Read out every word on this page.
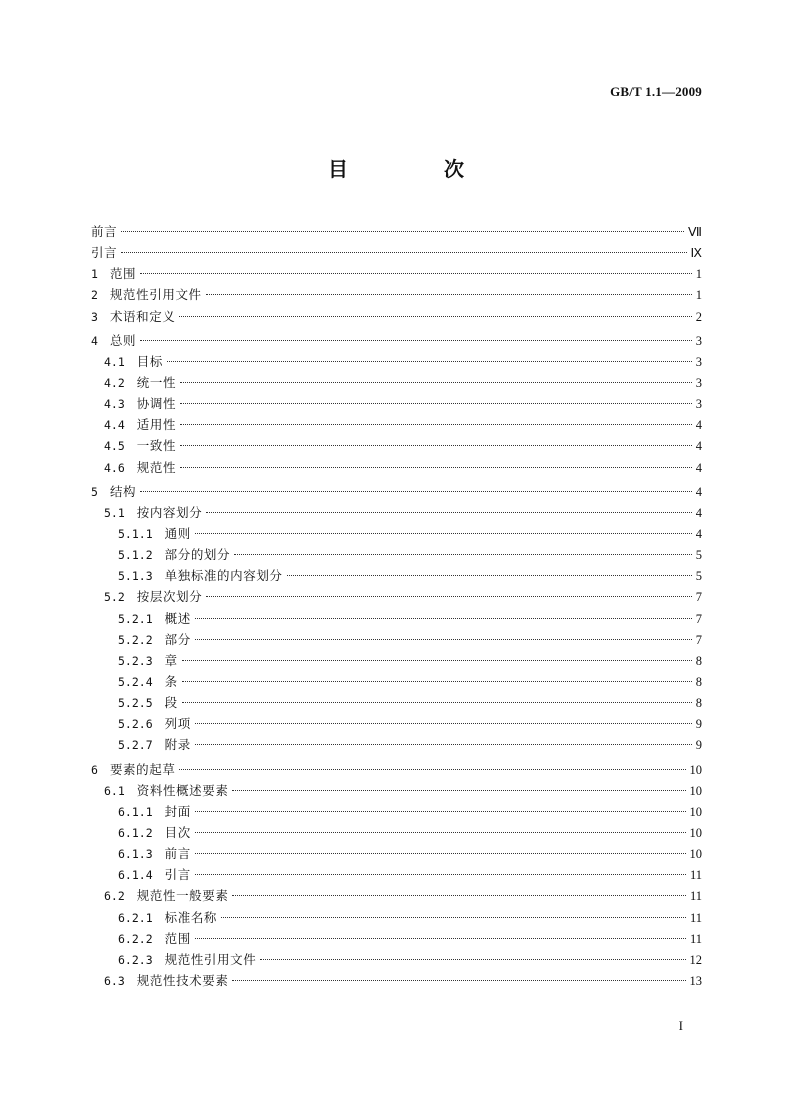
GB/T 1.1—2009
目　次
前言	Ⅶ
引言	Ⅸ
1 范围	1
2 规范性引用文件	1
3 术语和定义	2
4 总则	3
4.1 目标	3
4.2 统一性	3
4.3 协调性	3
4.4 适用性	4
4.5 一致性	4
4.6 规范性	4
5 结构	4
5.1 按内容划分	4
5.1.1 通则	4
5.1.2 部分的划分	5
5.1.3 单独标准的内容划分	5
5.2 按层次划分	7
5.2.1 概述	7
5.2.2 部分	7
5.2.3 章	8
5.2.4 条	8
5.2.5 段	8
5.2.6 列项	9
5.2.7 附录	9
6 要素的起草	10
6.1 资料性概述要素	10
6.1.1 封面	10
6.1.2 目次	10
6.1.3 前言	10
6.1.4 引言	11
6.2 规范性一般要素	11
6.2.1 标准名称	11
6.2.2 范围	11
6.2.3 规范性引用文件	12
6.3 规范性技术要素	13
I
